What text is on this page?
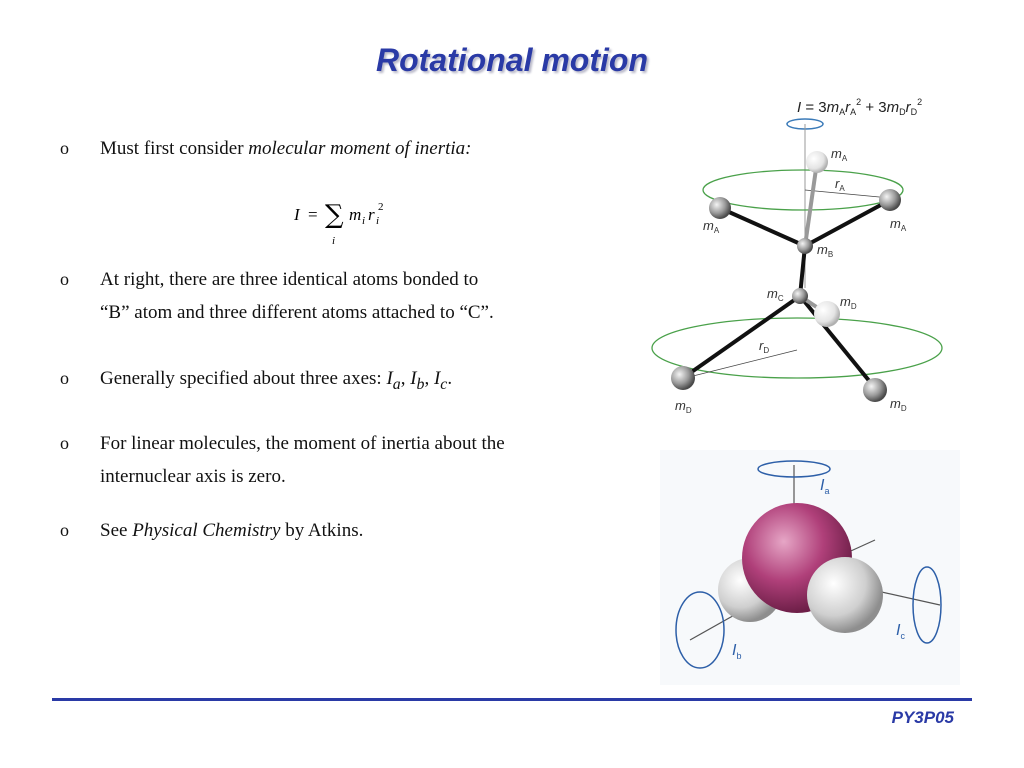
Rotational motion
o Must first consider molecular moment of inertia:
I = ∑
i
m i r i
2
o At right, there are three identical atoms bonded to
“B” atom and three different atoms attached to “C”.
o Generally specified about three axes: $I_a$, $I_b$, $I_c$.
o For linear molecules, the moment of inertia about the
internuclear axis is zero.
o See Physical Chemistry by Atkins.
$I = 3m_Ar_A^2 + 3m_Dr_D^2$
$m_A$
$r_A$
$m_A$	$m_A$
$m_B$
$m_C$	$m_D$
$r_D$
$m_D$	$m_D$
$I_a$
$I_b$
$I_c$
PY3P05
